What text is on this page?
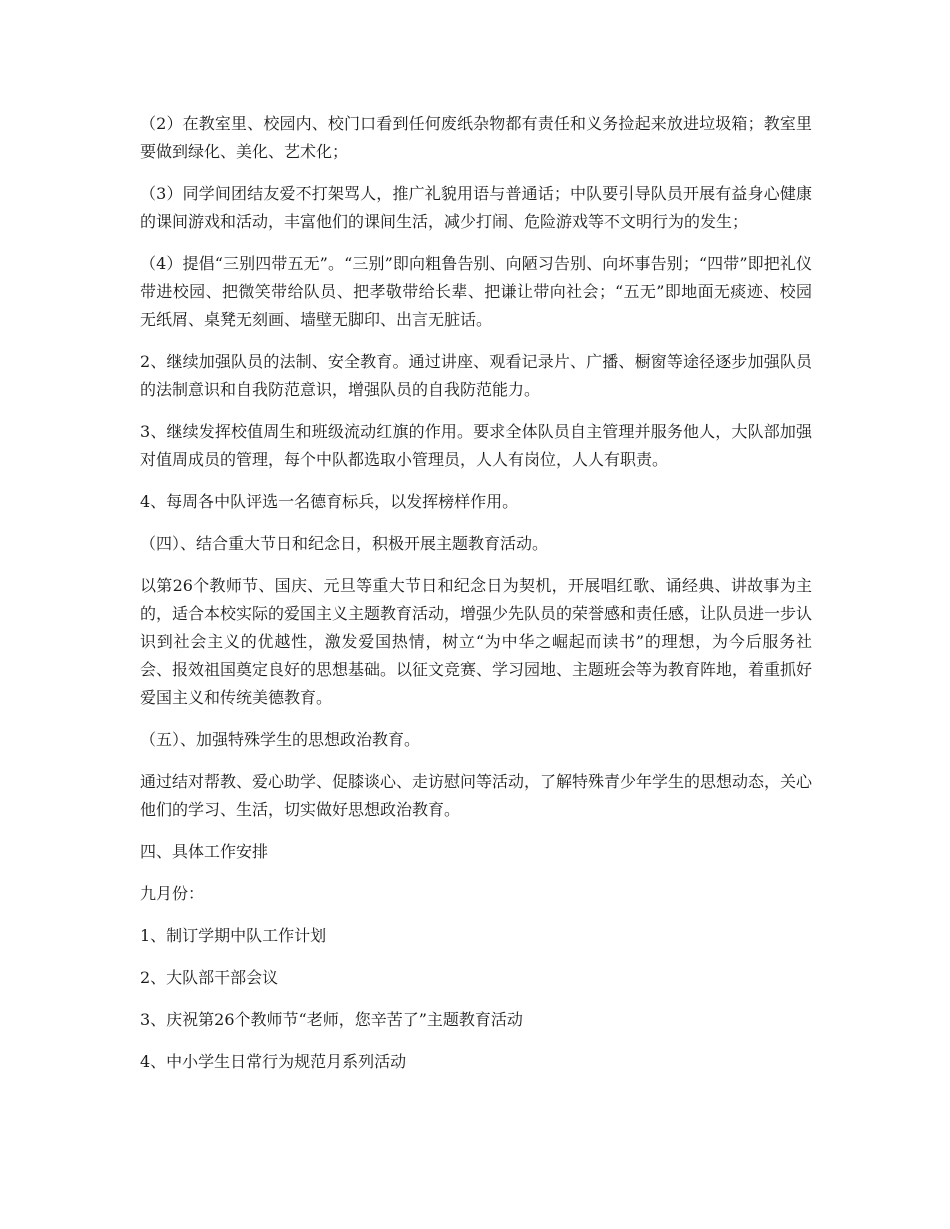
（2）在教室里、校园内、校门口看到任何废纸杂物都有责任和义务捡起来放进垃圾箱；教室里要做到绿化、美化、艺术化；

（3）同学间团结友爱不打架骂人，推广礼貌用语与普通话；中队要引导队员开展有益身心健康的课间游戏和活动，丰富他们的课间生活，减少打闹、危险游戏等不文明行为的发生；

（4）提倡“三别四带五无”。“三别”即向粗鲁告别、向陋习告别、向坏事告别；“四带”即把礼仪带进校园、把微笑带给队员、把孝敬带给长辈、把谦让带向社会；“五无”即地面无痰迹、校园无纸屑、桌凳无刻画、墙壁无脚印、出言无脏话。

2、继续加强队员的法制、安全教育。通过讲座、观看记录片、广播、橱窗等途径逐步加强队员的法制意识和自我防范意识，增强队员的自我防范能力。

3、继续发挥校值周生和班级流动红旗的作用。要求全体队员自主管理并服务他人，大队部加强对值周成员的管理，每个中队都选取小管理员，人人有岗位，人人有职责。

4、每周各中队评选一名德育标兵，以发挥榜样作用。

（四）、结合重大节日和纪念日，积极开展主题教育活动。

以第26个教师节、国庆、元旦等重大节日和纪念日为契机，开展唱红歌、诵经典、讲故事为主的，适合本校实际的爱国主义主题教育活动，增强少先队员的荣誉感和责任感，让队员进一步认识到社会主义的优越性，激发爱国热情，树立“为中华之崛起而读书”的理想，为今后服务社会、报效祖国奠定良好的思想基础。以征文竞赛、学习园地、主题班会等为教育阵地，着重抓好爱国主义和传统美德教育。

（五）、加强特殊学生的思想政治教育。

通过结对帮教、爱心助学、促膝谈心、走访慰问等活动，了解特殊青少年学生的思想动态，关心他们的学习、生活，切实做好思想政治教育。

四、具体工作安排

九月份：

1、制订学期中队工作计划

2、大队部干部会议

3、庆祝第26个教师节“老师，您辛苦了”主题教育活动

4、中小学生日常行为规范月系列活动
